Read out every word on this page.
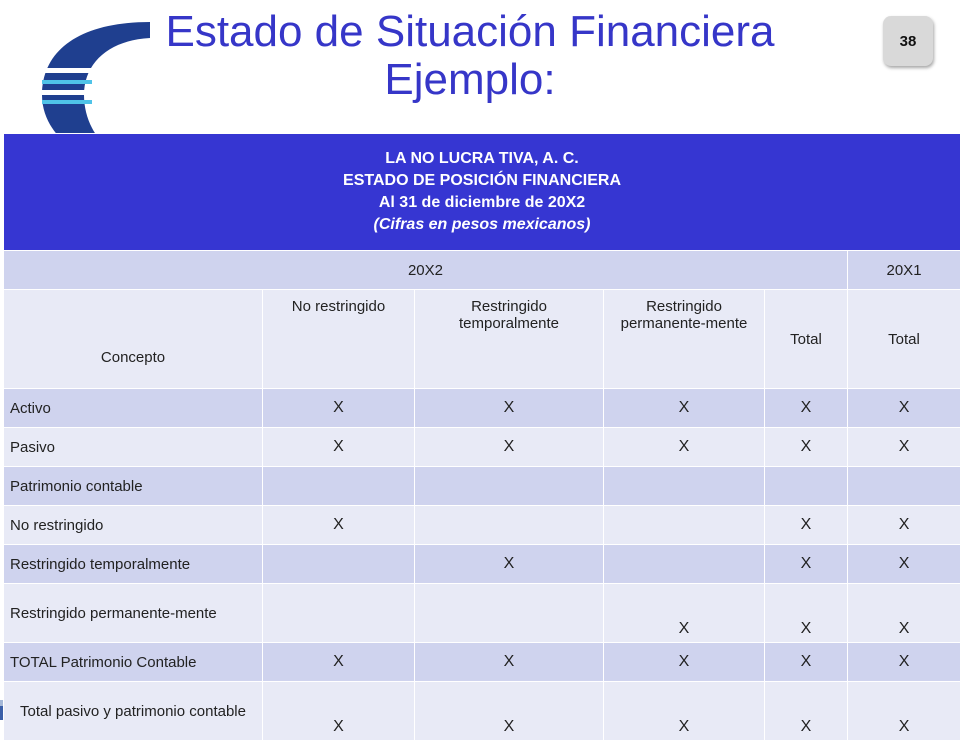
Estado de Situación Financiera
Ejemplo:
38
LA NO LUCRA TIVA, A. C.
ESTADO DE POSICIÓN FINANCIERA
Al 31 de diciembre de 20X2
(Cifras en pesos mexicanos)					

20X2					20X1
Concepto	No restringido	Restringido temporalmente	Restringido permanente-mente	Total	Total
Activo	X	X	X	X	X
Pasivo	X	X	X	X	X
Patrimonio contable					
No restringido	X			X	X
Restringido temporalmente		X		X	X
Restringido permanente-mente			X	X	X
TOTAL Patrimonio Contable	X	X	X	X	X
Total pasivo y patrimonio contable	X	X	X	X	X
